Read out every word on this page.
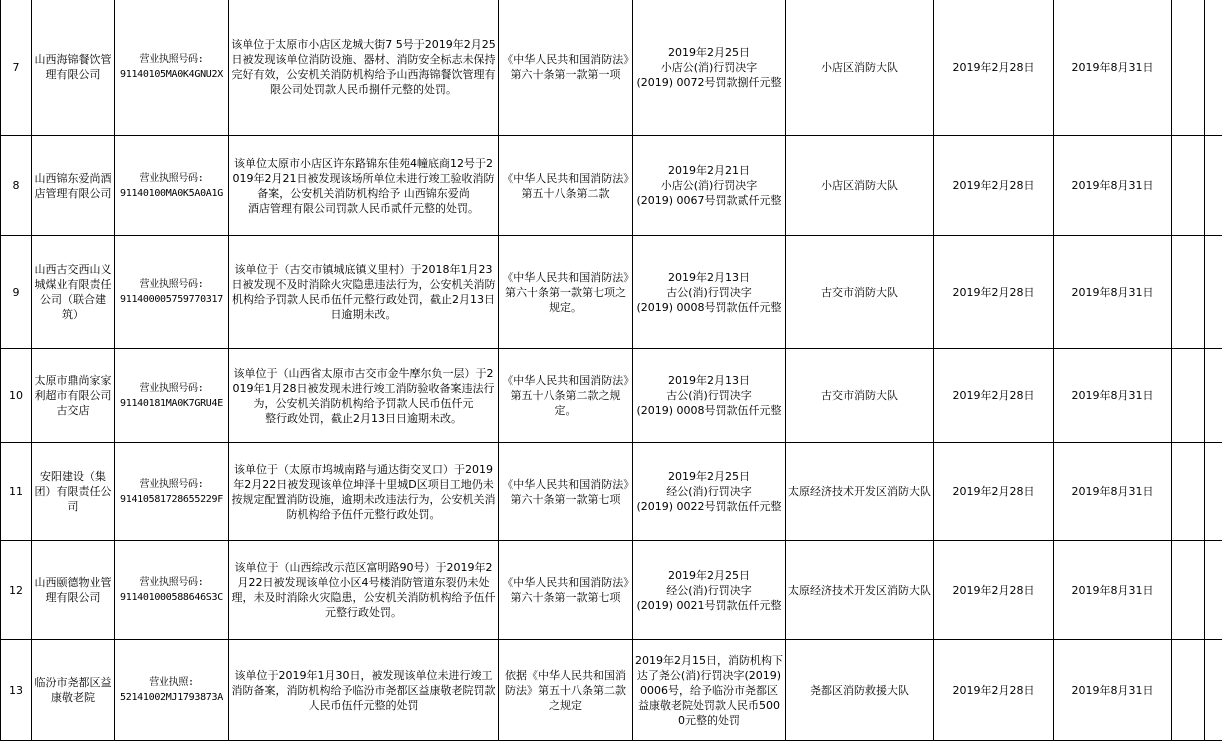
7	山西海锦餐饮管理有限公司	营业执照号码:
91140105MA0K4GNU2X	该单位于太原市小店区龙城大街7 5号于2019年2月25日被发现该单位消防设施、器材、消防安全标志未保持完好有效，公安机关消防机构给予山西海锦餐饮管理有限公司处罚款人民币捌仟元整的处罚。	《中华人民共和国消防法》第六十条第一款第一项	2019年2月25日
小店公(消)行罚决字
(2019) 0072号罚款捌仟元整	小店区消防大队	2019年2月28日	2019年8月31日		
8	山西锦东爱尚酒店管理有限公司	营业执照号码:
91140100MA0K5A0A1G	该单位太原市小店区许东路锦东佳苑4幢底商12号于2019年2月21日被发现该场所单位未进行竣工验收消防备案，公安机关消防机构给予 山西锦东爱尚
酒店管理有限公司罚款人民币贰仟元整的处罚。	《中华人民共和国消防法》第五十八条第二款	2019年2月21日
小店公(消)行罚决字
(2019) 0067号罚款贰仟元整	小店区消防大队	2019年2月28日	2019年8月31日		
9	山西古交西山义城煤业有限责任公司（联合建筑）	营业执照号码:
911400005759770317	该单位于（古交市镇城底镇义里村）于2018年1月23日被发现不及时消除火灾隐患违法行为，公安机关消防机构给予罚款人民币伍仟元整行政处罚，截止2月13日日逾期未改。	《中华人民共和国消防法》第六十条第一款第七项之规定。	2019年2月13日
古公(消)行罚决字
(2019) 0008号罚款伍仟元整	古交市消防大队	2019年2月28日	2019年8月31日		
10	太原市鼎尚家家利超市有限公司古交店	营业执照号码:
91140181MA0K7GRU4E	该单位于（山西省太原市古交市金牛摩尔负一层）于2019年1月28日被发现未进行竣工消防验收备案违法行为，公安机关消防机构给予罚款人民币伍仟元
整行政处罚，截止2月13日日逾期未改。	《中华人民共和国消防法》第五十八条第二款之规定。	2019年2月13日
古公(消)行罚决字
(2019) 0008号罚款伍仟元整	古交市消防大队	2019年2月28日	2019年8月31日		
11	安阳建设（集团）有限责任公司	营业执照号码:
91410581728655229F	该单位于（太原市坞城南路与通达街交叉口）于2019年2月22日被发现该单位坤泽十里城D区项目工地仍未按规定配置消防设施，逾期未改违法行为，公安机关消防机构给予伍仟元整行政处罚。	《中华人民共和国消防法》第六十条第一款第七项	2019年2月25日
经公(消)行罚决字
(2019) 0022号罚款伍仟元整	太原经济技术开发区消防大队	2019年2月28日	2019年8月31日		
12	山西颐德物业管理有限公司	营业执照号码:
911401000588646S3C	该单位于（山西综改示范区富明路90号）于2019年2月22日被发现该单位小区4号楼消防管道东裂仍未处理，未及时消除火灾隐患，公安机关消防机构给予伍仟元整行政处罚。	《中华人民共和国消防法》第六十条第一款第七项	2019年2月25日
经公(消)行罚决字
(2019) 0021号罚款伍仟元整	太原经济技术开发区消防大队	2019年2月28日	2019年8月31日		
13	临汾市尧都区益康敬老院	营业执照:
52141002MJ1793873A	该单位于2019年1月30日，被发现该单位未进行竣工消防备案，消防机构给予临汾市尧都区益康敬老院罚款人民币伍仟元整的处罚	依据《中华人民共和国消防法》第五十八条第二款之规定	2019年2月15日，消防机构下达了尧公(消)行罚决字(2019) 0006号，给予临汾市尧都区
益康敬老院处罚款人民币5000元整的处罚	尧都区消防救援大队	2019年2月28日	2019年8月31日		
